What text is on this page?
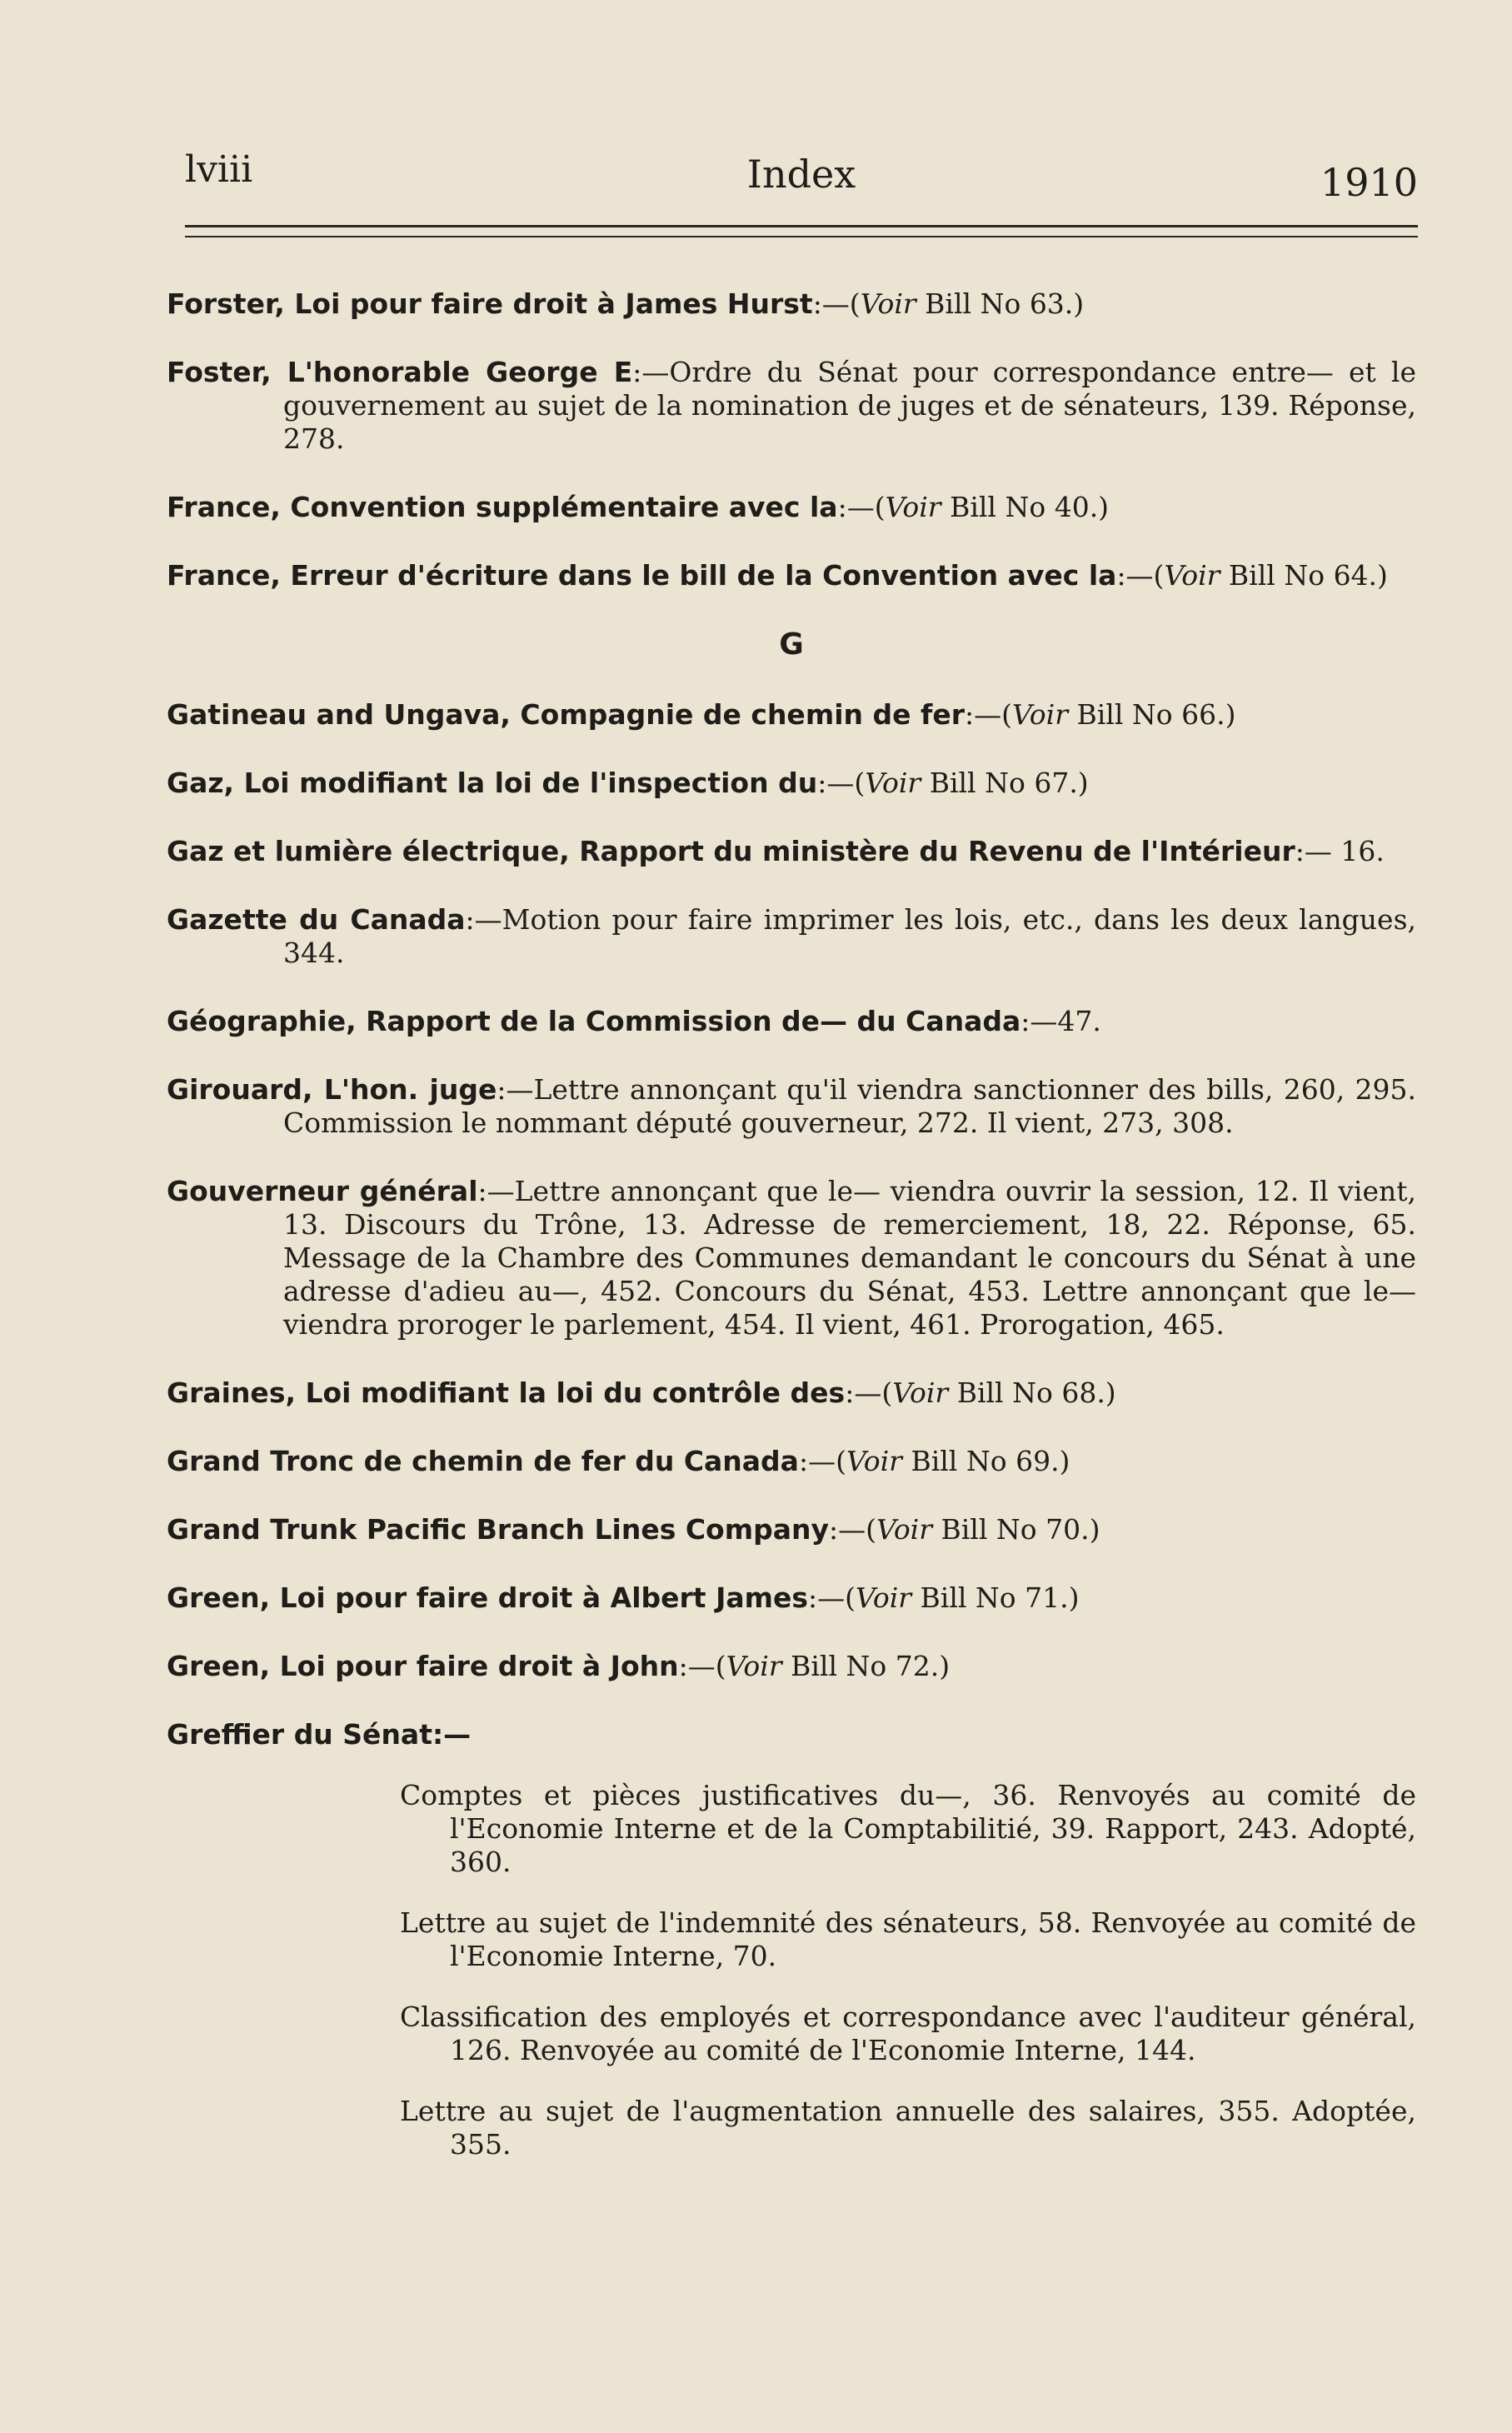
lviii	Index	1910

Forster, Loi pour faire droit à James Hurst:—(Voir Bill No 63.)

Foster, L'honorable George E:—Ordre du Sénat pour correspondance entre— et le gouvernement au sujet de la nomination de juges et de sénateurs, 139. Réponse, 278.

France, Convention supplémentaire avec la:—(Voir Bill No 40.)

France, Erreur d'écriture dans le bill de la Convention avec la:—(Voir Bill No 64.)

G

Gatineau and Ungava, Compagnie de chemin de fer:—(Voir Bill No 66.)

Gaz, Loi modifiant la loi de l'inspection du:—(Voir Bill No 67.)

Gaz et lumière électrique, Rapport du ministère du Revenu de l'Intérieur:— 16.

Gazette du Canada:—Motion pour faire imprimer les lois, etc., dans les deux langues, 344.

Géographie, Rapport de la Commission de— du Canada:—47.

Girouard, L'hon. juge:—Lettre annonçant qu'il viendra sanctionner des bills, 260, 295. Commission le nommant député gouverneur, 272. Il vient, 273, 308.

Gouverneur général:—Lettre annonçant que le— viendra ouvrir la session, 12. Il vient, 13. Discours du Trône, 13. Adresse de remerciement, 18, 22. Réponse, 65. Message de la Chambre des Communes demandant le concours du Sénat à une adresse d'adieu au—, 452. Concours du Sénat, 453. Lettre annonçant que le— viendra proroger le parlement, 454. Il vient, 461. Prorogation, 465.

Graines, Loi modifiant la loi du contrôle des:—(Voir Bill No 68.)

Grand Tronc de chemin de fer du Canada:—(Voir Bill No 69.)

Grand Trunk Pacific Branch Lines Company:—(Voir Bill No 70.)

Green, Loi pour faire droit à Albert James:—(Voir Bill No 71.)

Green, Loi pour faire droit à John:—(Voir Bill No 72.)

Greffier du Sénat:—

Comptes et pièces justificatives du—, 36. Renvoyés au comité de l'Economie Interne et de la Comptabilitié, 39. Rapport, 243. Adopté, 360.

Lettre au sujet de l'indemnité des sénateurs, 58. Renvoyée au comité de l'Economie Interne, 70.

Classification des employés et correspondance avec l'auditeur général, 126. Renvoyée au comité de l'Economie Interne, 144.

Lettre au sujet de l'augmentation annuelle des salaires, 355. Adoptée, 355.
